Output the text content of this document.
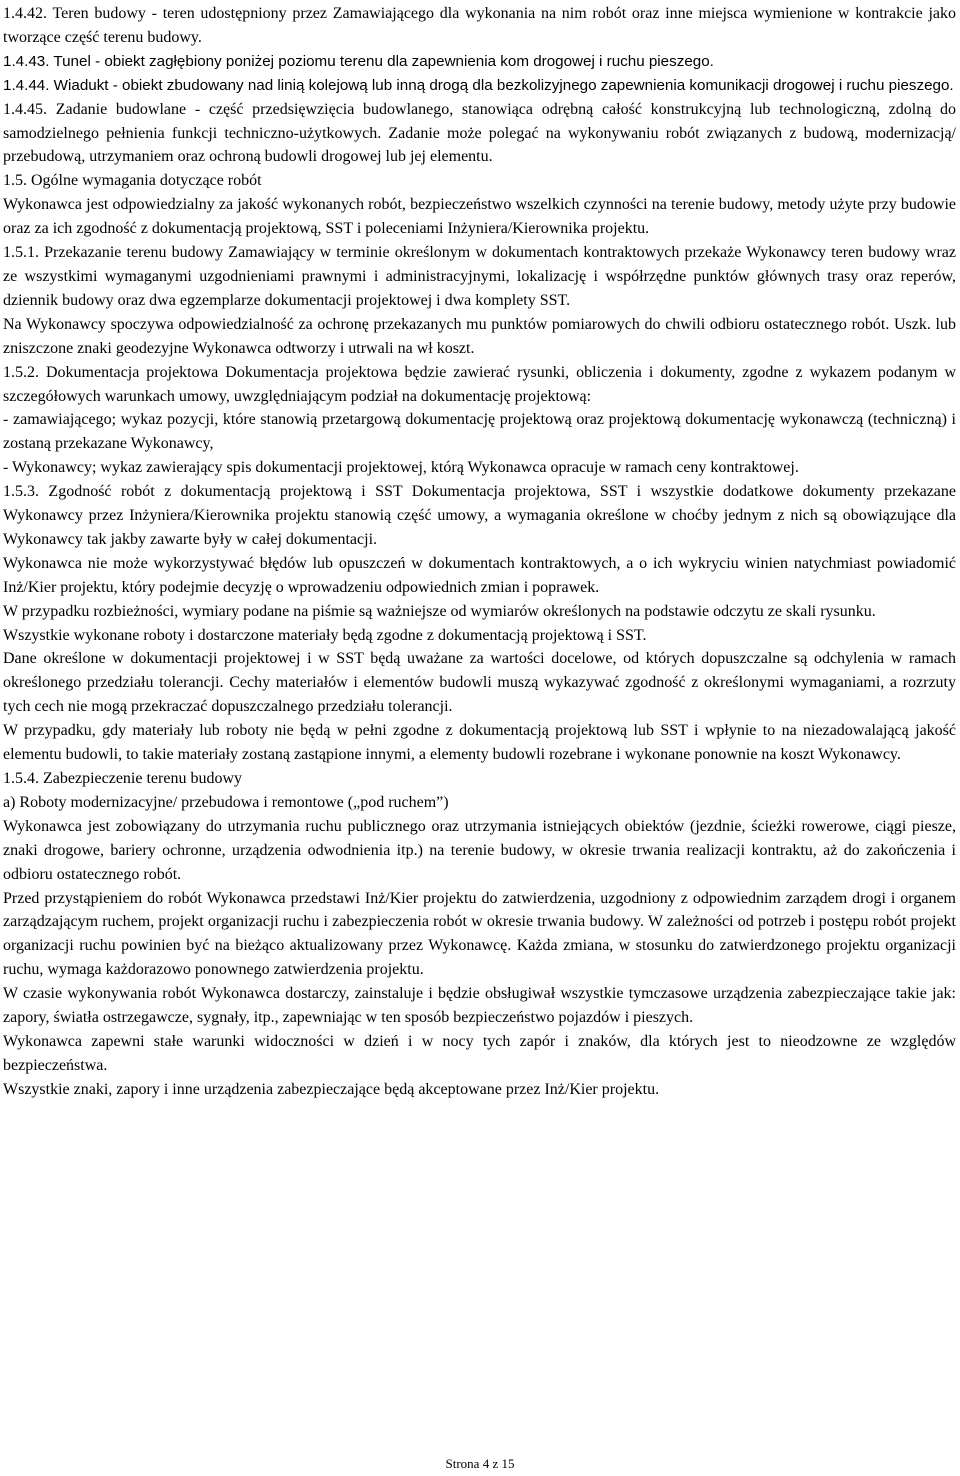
1.4.42. Teren budowy - teren udostępniony przez Zamawiającego dla wykonania na nim robót oraz inne miejsca wymienione w kontrakcie jako tworzące część terenu budowy.

1.4.43. Tunel - obiekt zagłębiony poniżej poziomu terenu dla zapewnienia kom drogowej i ruchu pieszego.

1.4.44. Wiadukt - obiekt zbudowany nad linią kolejową lub inną drogą dla bezkolizyjnego zapewnienia komunikacji drogowej i ruchu pieszego.

1.4.45. Zadanie budowlane - część przedsięwzięcia budowlanego, stanowiąca odrębną całość konstrukcyjną lub technologiczną, zdolną do samodzielnego pełnienia funkcji techniczno-użytkowych. Zadanie może polegać na wykonywaniu robót związanych z budową, modernizacją/ przebudową, utrzymaniem oraz ochroną budowli drogowej lub jej elementu.

1.5. Ogólne wymagania dotyczące robót

Wykonawca jest odpowiedzialny za jakość wykonanych robót, bezpieczeństwo wszelkich czynności na terenie budowy, metody użyte przy budowie oraz za ich zgodność z dokumentacją projektową, SST i poleceniami Inżyniera/Kierownika projektu.

1.5.1. Przekazanie terenu budowy Zamawiający w terminie określonym w dokumentach kontraktowych przekaże Wykonawcy teren budowy wraz ze wszystkimi wymaganymi uzgodnieniami prawnymi i administracyjnymi, lokalizację i współrzędne punktów głównych trasy oraz reperów, dziennik budowy oraz dwa egzemplarze dokumentacji projektowej i dwa komplety SST.

Na Wykonawcy spoczywa odpowiedzialność za ochronę przekazanych mu punktów pomiarowych do chwili odbioru ostatecznego robót. Uszk. lub zniszczone znaki geodezyjne Wykonawca odtworzy i utrwali na wł koszt.

1.5.2. Dokumentacja projektowa Dokumentacja projektowa będzie zawierać rysunki, obliczenia i dokumenty, zgodne z wykazem podanym w szczegółowych warunkach umowy, uwzględniającym podział na dokumentację projektową:

- zamawiającego; wykaz pozycji, które stanowią przetargową dokumentację projektową oraz projektową dokumentację wykonawczą (techniczną) i zostaną przekazane Wykonawcy,

- Wykonawcy; wykaz zawierający spis dokumentacji projektowej, którą Wykonawca opracuje w ramach ceny kontraktowej.

1.5.3. Zgodność robót z dokumentacją projektową i SST Dokumentacja projektowa, SST i wszystkie dodatkowe dokumenty przekazane Wykonawcy przez Inżyniera/Kierownika projektu stanowią część umowy, a wymagania określone w choćby jednym z nich są obowiązujące dla Wykonawcy tak jakby zawarte były w całej dokumentacji.

Wykonawca nie może wykorzystywać błędów lub opuszczeń w dokumentach kontraktowych, a o ich wykryciu winien natychmiast powiadomić Inż/Kier projektu, który podejmie decyzję o wprowadzeniu odpowiednich zmian i poprawek.

W przypadku rozbieżności, wymiary podane na piśmie są ważniejsze od wymiarów określonych na podstawie odczytu ze skali rysunku.

Wszystkie wykonane roboty i dostarczone materiały będą zgodne z dokumentacją projektową i SST.

Dane określone w dokumentacji projektowej i w SST będą uważane za wartości docelowe, od których dopuszczalne są odchylenia w ramach określonego przedziału tolerancji. Cechy materiałów i elementów budowli muszą wykazywać zgodność z określonymi wymaganiami, a rozrzuty tych cech nie mogą przekraczać dopuszczalnego przedziału tolerancji.

W przypadku, gdy materiały lub roboty nie będą w pełni zgodne z dokumentacją projektową lub SST i wpłynie to na niezadowalającą jakość elementu budowli, to takie materiały zostaną zastąpione innymi, a elementy budowli rozebrane i wykonane ponownie na koszt Wykonawcy.

1.5.4. Zabezpieczenie terenu budowy

a) Roboty modernizacyjne/ przebudowa i remontowe („pod ruchem”)

Wykonawca jest zobowiązany do utrzymania ruchu publicznego oraz utrzymania istniejących obiektów (jezdnie, ścieżki rowerowe, ciągi piesze, znaki drogowe, bariery ochronne, urządzenia odwodnienia itp.) na terenie budowy, w okresie trwania realizacji kontraktu, aż do zakończenia i odbioru ostatecznego robót.

Przed przystąpieniem do robót Wykonawca przedstawi Inż/Kier projektu do zatwierdzenia, uzgodniony z odpowiednim zarządem drogi i organem zarządzającym ruchem, projekt organizacji ruchu i zabezpieczenia robót w okresie trwania budowy. W zależności od potrzeb i postępu robót projekt organizacji ruchu powinien być na bieżąco aktualizowany przez Wykonawcę. Każda zmiana, w stosunku do zatwierdzonego projektu organizacji ruchu, wymaga każdorazowo ponownego zatwierdzenia projektu.

W czasie wykonywania robót Wykonawca dostarczy, zainstaluje i będzie obsługiwał wszystkie tymczasowe urządzenia zabezpieczające takie jak: zapory, światła ostrzegawcze, sygnały, itp., zapewniając w ten sposób bezpieczeństwo pojazdów i pieszych.

Wykonawca zapewni stałe warunki widoczności w dzień i w nocy tych zapór i znaków, dla których jest to nieodzowne ze względów bezpieczeństwa.

Wszystkie znaki, zapory i inne urządzenia zabezpieczające będą akceptowane przez Inż/Kier projektu.

Strona 4 z 15
